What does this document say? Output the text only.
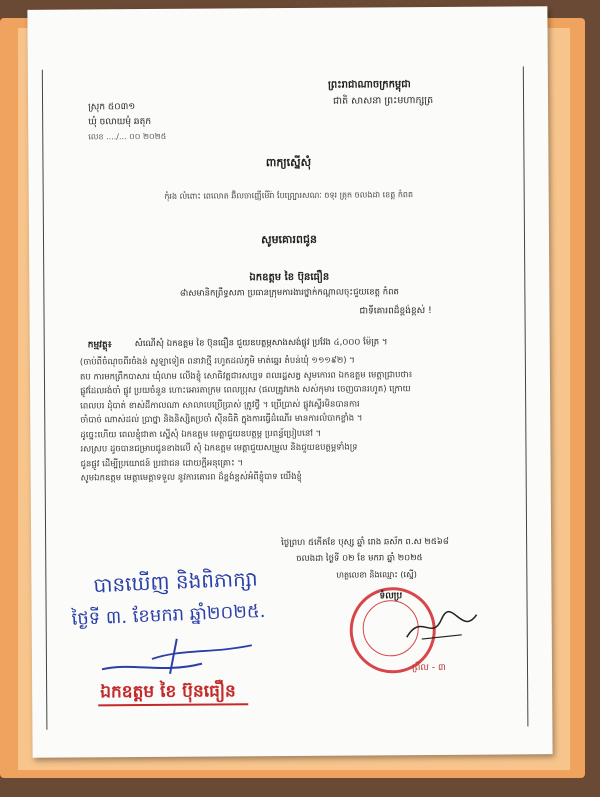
ព្រះរាជាណាចក្រកម្ពុជា
ជាតិ សាសនា ព្រះមហាក្សត្រ
ស្រុក ៥០៣១
ឃុំ ចលាយមុំ ឆតុក
លេខ ..../... ០០ ២០២៥
ពាក្យស្នើសុំ
កុំរង លំពោះ ពេលោត ឆ៊ិលចាញ្ញើមើរ៉ា បែព្រ្បោរសណៈ ចទុរ ត្រុក ចលងដា ខេត្ត កំពត
សូមគោរពជូន
ឯកឧត្ដម ខៃ ប៊ុនធឿន
៨ាសមានិកព្រឹទ្ធសភា ប្រធានក្រុមការងារថ្នាក់កណ្តាលចុះជួយខេត្ត កំពត
ជាទីគោរពដ៏ខ្ពង់ខ្ពស់ !
កម្មវត្ថុ៖	សំណើសុំ ឯកឧត្ដម ខៃ ប៊ុនធឿន ជួយឧបត្ថម្ភសាងសង់ផ្លូវ ប្រវែង ៤,០០០ ម៉ែត្រ ។
(ចាប់ពីចំណុចពីរចំងន់ សូឡាទៀត ពនាវាថ្មី រហូតដល់ភូមិ មាត់ឆ្នេរ តំបន់ឃុំ ១១១៩២) ។
តប ការមកព្រឹកបាសារ ឃុំលាម លើងខ្ញុំ សោធិវត្តជារសប្បទ ពលរដ្ឋសត្វ សូមកោរព ឯកឧត្ដម មេត្តាជ្រាបថា៖
ផ្លូវដែលរង់ចាំ ផ្លូវ ប្រយចំនួន ហោះអោរតាក្រម ពេលប្រុស (ផលត្រូវកេង សស់កុមារ ចេញបានរហូត) ក្រោយ
ពេលបរ ដុំបាត់ ខាស់ដីកាលណា សាលាបេប្រើប្រាស់ ត្រូវថ្វី ។ ប្រើប្រាស់ ផ្លូវស្ទើរមិនបានការ
ចាំបាច់ ណាស់ដល់ ប្រាថ្នា និងនិស្សិតប្រចាំ ស៊ីនធិតិ ក្នុងការធ្វើដំណើរ មានការលំបាកខ្លាំង ។
ដូច្នេះហើយ ពេលខ្ញុំជាតា ស្នើសុំ ឯកឧត្ដម មេត្តាជួយឧបត្ថម្ភ ប្រពន្ធ័ប្រៀបនៅ ។
រសស្រប ដូចបានជម្រាបជូនខាងលើ សុំ ឯកឧត្ដម មេត្តាជួយសម្រួល និងជួយឧបត្ថម្ភទាំងទ្រ
ជូនផ្លូវ ដើម្បីប្រយោជន៍ ប្រជាជន ដោយក្ដីអនុគ្រោះ ។
សូមឯកឧត្ដម មេត្តាមេត្តាទទួល នូវការគោរព ដ៏ខ្ពង់ខ្ពស់អំពីខ្ញុំបាទ យើងខ្ញុំ
ថ្ងៃព្រហ ៥កើតខែ បុស្ស ឆ្នាំ រោង ឆស័ក ព.ស ២៥៦៨
ចលងដា ថ្ងៃទី ០២ ខែ មករា ឆ្នាំ ២០២៥
ហត្ថលេខា និងឈ្មោះ (ស្នើ)
ទំលប្រ
ព្រឹល - ៣
បានឃើញ និងពិភាក្សា
ថ្ងៃទី ៣. ខែមករា ឆ្នាំ២០២៥.
ឯកឧត្ដម ខៃ ប៊ុនធឿន
